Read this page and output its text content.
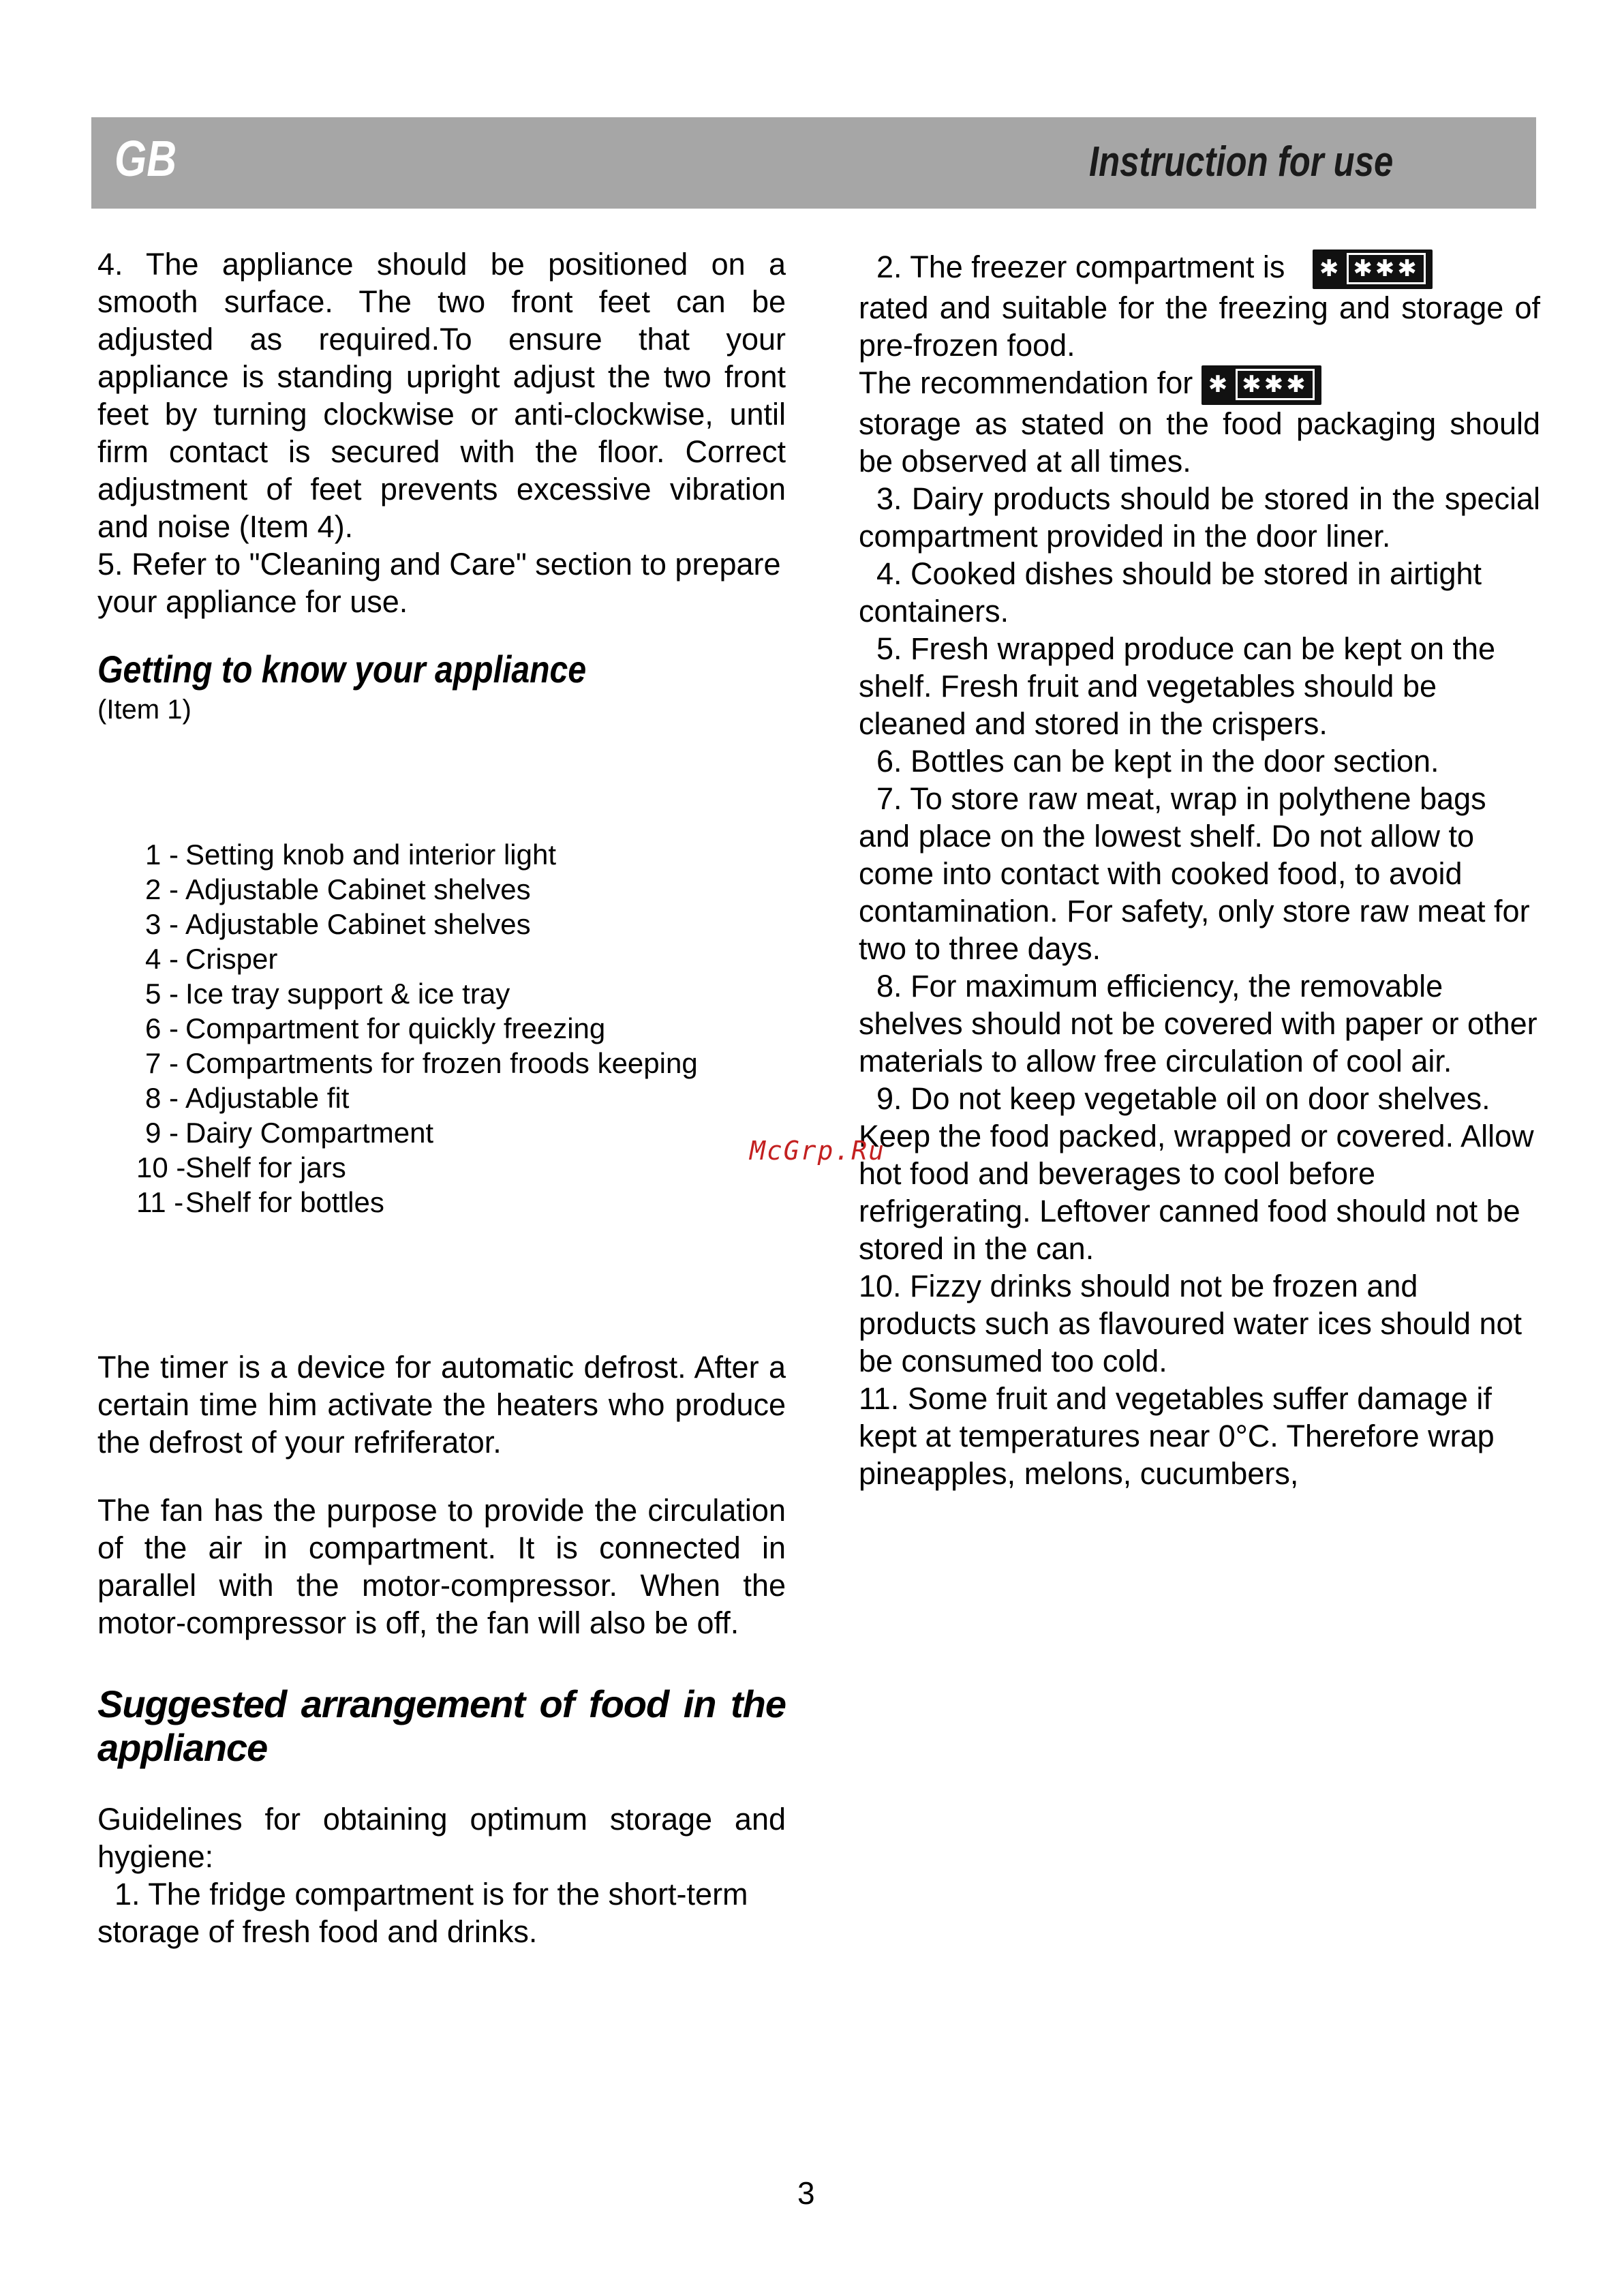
GB	Instruction for use

4. The appliance should be positioned on a smooth surface. The two front feet can be adjusted as required.To ensure that your appliance is standing upright adjust the two front feet by turning clockwise or anti-clockwise, until firm contact is secured with the floor. Correct adjustment of feet prevents excessive vibration and noise (Item 4).

5. Refer to "Cleaning and Care" section to prepare your appliance for use.

Getting to know your appliance
(Item 1)
1 - Setting knob and interior light
2 - Adjustable Cabinet shelves
3 - Adjustable Cabinet shelves
4 - Crisper
5 - Ice tray support & ice tray
6 - Compartment for quickly freezing
7 - Compartments for frozen froods keeping
8 - Adjustable fit
9 - Dairy Compartment
10 -Shelf for jars
11 -Shelf for bottles

The timer is a device for automatic defrost. After a certain time him activate the heaters who produce the defrost of your refriferator.

The fan has the purpose to provide the circulation of the air in compartment. It is connected in parallel with the motor-compressor. When the motor-compressor is off, the fan will also be off.

Suggested arrangement of food in the appliance

Guidelines for obtaining optimum storage and hygiene:

1. The fridge compartment is for the short-term storage of fresh food and drinks.

2. The freezer compartment is ✱ ✱✱✱

rated and suitable for the freezing and storage of pre-frozen food.

The recommendation for ✱ ✱✱✱

storage as stated on the food packaging should be observed at all times.

3. Dairy products should be stored in the special compartment provided in the door liner.

4. Cooked dishes should be stored in airtight containers.

5. Fresh wrapped produce can be kept on the shelf. Fresh fruit and vegetables should be cleaned and stored in the crispers.

6. Bottles can be kept in the door section.

7. To store raw meat, wrap in polythene bags and place on the lowest shelf. Do not allow to come into contact with cooked food, to avoid contamination. For safety, only store raw meat for two to three days.

8. For maximum efficiency, the removable shelves should not be covered with paper or other materials to allow free circulation of cool air.

9. Do not keep vegetable oil on door shelves. Keep the food packed, wrapped or covered. Allow hot food and beverages to cool before refrigerating. Leftover canned food should not be stored in the can.

10. Fizzy drinks should not be frozen and products such as flavoured water ices should not be consumed too cold.

11. Some fruit and vegetables suffer damage if kept at temperatures near 0°C. Therefore wrap pineapples, melons, cucumbers,

McGrp.Ru
3
